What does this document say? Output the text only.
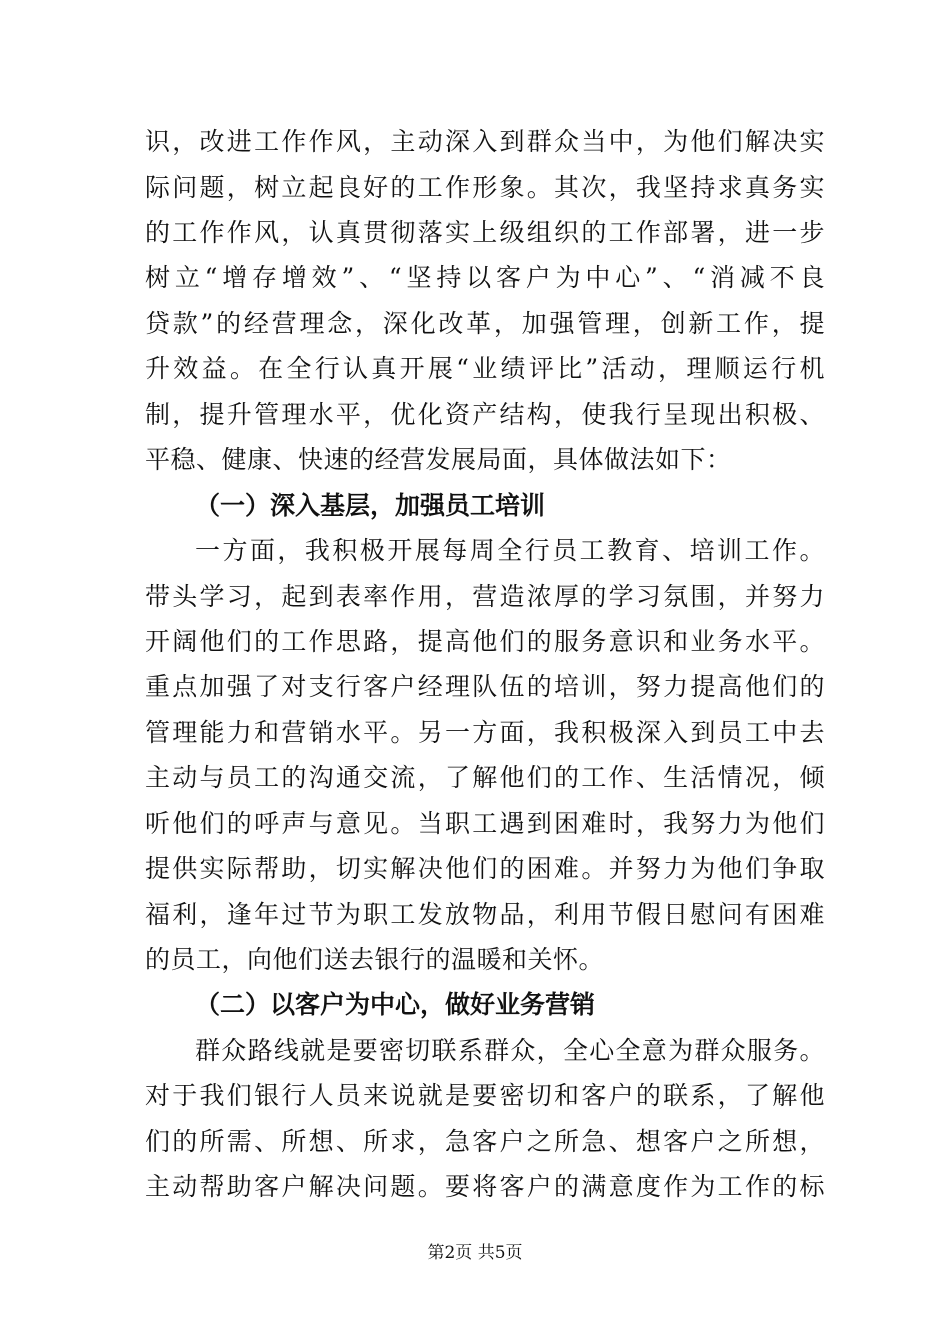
识，改进工作作风，主动深入到群众当中，为他们解决实
际问题，树立起良好的工作形象。其次，我坚持求真务实
的工作作风，认真贯彻落实上级组织的工作部署，进一步
树立“增存增效”、“坚持以客户为中心”、“消减不良
贷款”的经营理念，深化改革，加强管理，创新工作，提
升效益。在全行认真开展“业绩评比”活动，理顺运行机
制，提升管理水平，优化资产结构，使我行呈现出积极、
平稳、健康、快速的经营发展局面，具体做法如下：
（一）深入基层，加强员工培训
一方面，我积极开展每周全行员工教育、培训工作。
带头学习，起到表率作用，营造浓厚的学习氛围，并努力
开阔他们的工作思路，提高他们的服务意识和业务水平。
重点加强了对支行客户经理队伍的培训，努力提高他们的
管理能力和营销水平。另一方面，我积极深入到员工中去
主动与员工的沟通交流，了解他们的工作、生活情况，倾
听他们的呼声与意见。当职工遇到困难时，我努力为他们
提供实际帮助，切实解决他们的困难。并努力为他们争取
福利，逢年过节为职工发放物品，利用节假日慰问有困难
的员工，向他们送去银行的温暖和关怀。
（二）以客户为中心，做好业务营销
群众路线就是要密切联系群众，全心全意为群众服务。
对于我们银行人员来说就是要密切和客户的联系，了解他
们的所需、所想、所求，急客户之所急、想客户之所想，
主动帮助客户解决问题。要将客户的满意度作为工作的标
第2页 共5页
